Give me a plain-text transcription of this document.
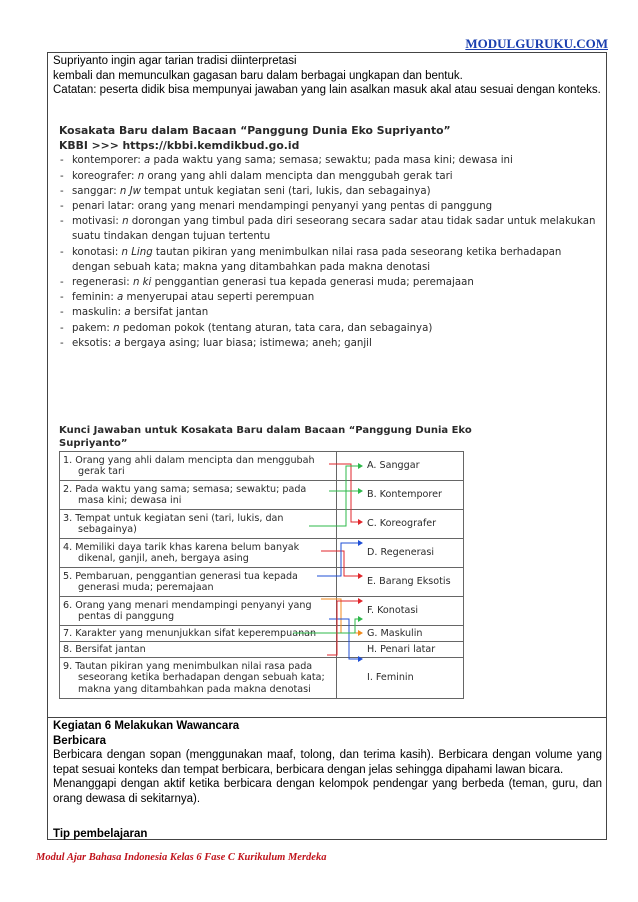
MODULGURUKU.COM
Supriyanto ingin agar tarian tradisi diinterpretasi
kembali dan memunculkan gagasan baru dalam berbagai ungkapan dan bentuk.
Catatan: peserta didik bisa mempunyai jawaban yang lain asalkan masuk akal atau sesuai dengan konteks.
Kosakata Baru dalam Bacaan “Panggung Dunia Eko Supriyanto”
KBBI >>> https://kbbi.kemdikbud.go.id
- kontemporer: a pada waktu yang sama; semasa; sewaktu; pada masa kini; dewasa ini
- koreografer: n orang yang ahli dalam mencipta dan menggubah gerak tari
- sanggar: n Jw tempat untuk kegiatan seni (tari, lukis, dan sebagainya)
- penari latar: orang yang menari mendampingi penyanyi yang pentas di panggung
- motivasi: n dorongan yang timbul pada diri seseorang secara sadar atau tidak sadar untuk melakukan suatu tindakan dengan tujuan tertentu
- konotasi: n Ling tautan pikiran yang menimbulkan nilai rasa pada seseorang ketika berhadapan dengan sebuah kata; makna yang ditambahkan pada makna denotasi
- regenerasi: n ki penggantian generasi tua kepada generasi muda; peremajaan
- feminin: a menyerupai atau seperti perempuan
- maskulin: a bersifat jantan
- pakem: n pedoman pokok (tentang aturan, tata cara, dan sebagainya)
- eksotis: a bergaya asing; luar biasa; istimewa; aneh; ganjil
Kunci Jawaban untuk Kosakata Baru dalam Bacaan “Panggung Dunia Eko Supriyanto”
1. Orang yang ahli dalam mencipta dan menggubah
gerak tari	A. Sanggar
2. Pada waktu yang sama; semasa; sewaktu; pada
masa kini; dewasa ini	B. Kontemporer
3. Tempat untuk kegiatan seni (tari, lukis, dan
sebagainya)	C. Koreografer
4. Memiliki daya tarik khas karena belum banyak
dikenal, ganjil, aneh, bergaya asing	D. Regenerasi
5. Pembaruan, penggantian generasi tua kepada
generasi muda; peremajaan	E. Barang Eksotis
6. Orang yang menari mendampingi penyanyi yang
pentas di panggung	F. Konotasi
7. Karakter yang menunjukkan sifat keperempuanan	G. Maskulin
8. Bersifat jantan	H. Penari latar
9. Tautan pikiran yang menimbulkan nilai rasa pada
seseorang ketika berhadapan dengan sebuah kata;
makna yang ditambahkan pada makna denotasi	I. Feminin
Kegiatan 6 Melakukan Wawancara
Berbicara

Berbicara dengan sopan (menggunakan maaf, tolong, dan terima kasih). Berbicara dengan volume yang tepat sesuai konteks dan tempat berbicara, berbicara dengan jelas sehingga dipahami lawan bicara.

Menanggapi dengan aktif ketika berbicara dengan kelompok pendengar yang berbeda (teman, guru, dan orang dewasa di sekitarnya).

Tip pembelajaran
Modul Ajar Bahasa Indonesia Kelas 6 Fase C Kurikulum Merdeka
